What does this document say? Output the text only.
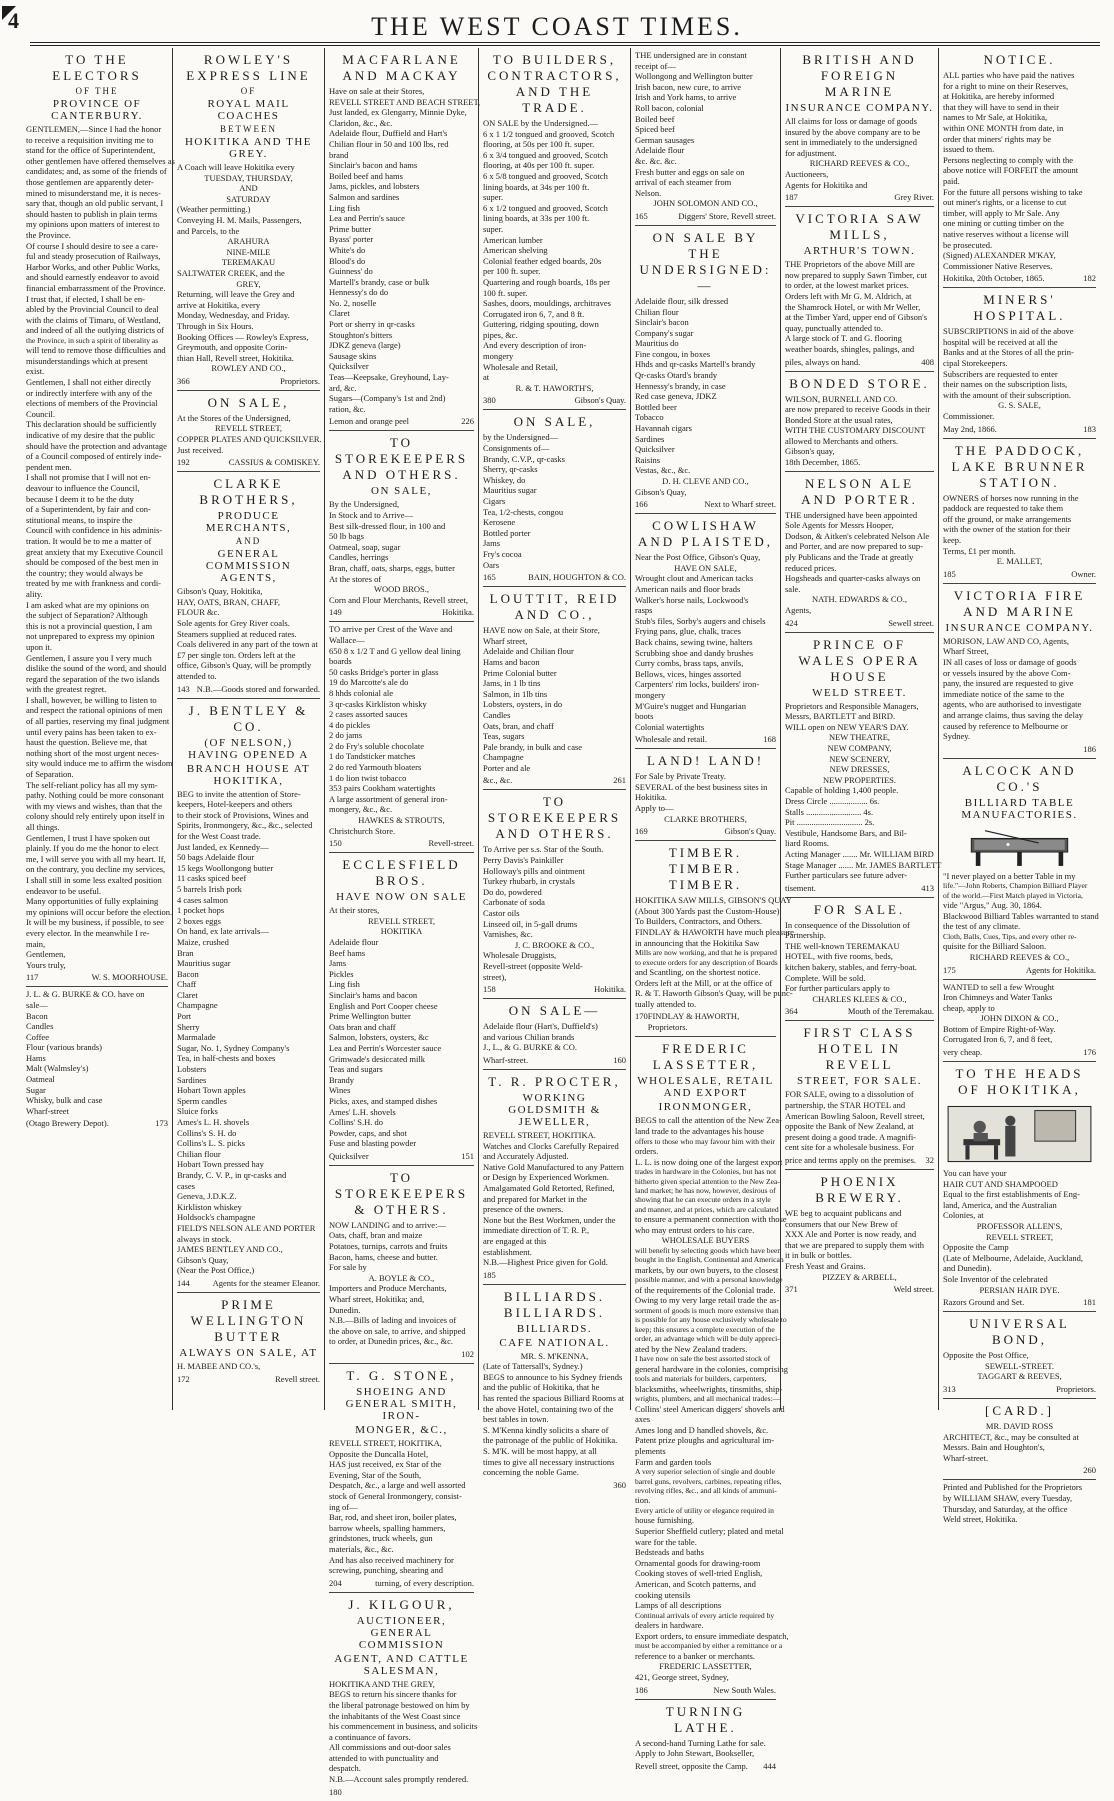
4	THE WEST COAST TIMES.
TO THE ELECTORS
OF THE
PROVINCE OF CANTERBURY.
GENTLEMEN,—Since I had the honor
to receive a requisition inviting me to
stand for the office of Superintendent,
other gentlemen have offered themselves as
candidates; and, as some of the friends of
those gentlemen are apparently deter-
mined to misunderstand me, it is neces-
sary that, though an old public servant, I
should hasten to publish in plain terms
my opinions upon matters of interest to
the Province.
Of course I should desire to see a care-
ful and steady prosecution of Railways,
Harbor Works, and other Public Works,
and should earnestly endeavor to avoid
financial embarrassment of the Province.
I trust that, if elected, I shall be en-
abled by the Provincial Council to deal
with the claims of Timaru, of Westland,
and indeed of all the outlying districts of
the Province, in such a spirit of liberality as
will tend to remove those difficulties and
misunderstandings which at present
exist.
Gentlemen, I shall not either directly
or indirectly interfere with any of the
elections of members of the Provincial
Council.
This declaration should be sufficiently
indicative of my desire that the public
should have the protection and advantage
of a Council composed of entirely inde-
pendent men.
I shall not promise that I will not en-
deavour to influence the Council,
because I deem it to be the duty
of a Superintendent, by fair and con-
stitutional means, to inspire the
Council with confidence in his adminis-
tration. It would be to me a matter of
great anxiety that my Executive Council
should be composed of the best men in
the country; they would always be
treated by me with frankness and cordi-
ality.
I am asked what are my opinions on
the subject of Separation? Although
this is not a provincial question, I am
not unprepared to express my opinion
upon it.
Gentlemen, I assure you I very much
dislike the sound of the word, and should
regard the separation of the two islands
with the greatest regret.
I shall, however, be willing to listen to
and respect the rational opinions of men
of all parties, reserving my final judgment
until every pains has been taken to ex-
haust the question. Believe me, that
nothing short of the most urgent neces-
sity would induce me to affirm the wisdom
of Separation.
The self-reliant policy has all my sym-
pathy. Nothing could be more consonant
with my views and wishes, than that the
colony should rely entirely upon itself in
all things.
Gentlemen, I trust I have spoken out
plainly. If you do me the honor to elect
me, I will serve you with all my heart. If,
on the contrary, you decline my services,
I shall still in some less exalted position
endeavor to be useful.
Many opportunities of fully explaining
my opinions will occur before the election.
It will be my business, if possible, to see
every elector. In the meanwhile I re-
main,
Gentlemen,
Yours truly,
117	W. S. MOORHOUSE.
J. L. & G. BURKE & CO. have on
sale—
Bacon
Candles
Coffee
Flour (various brands)
Hams
Malt (Walmsley's)
Oatmeal
Sugar
Whisky, bulk and case
Wharf-street
(Otago Brewery Depot).	173
ROWLEY'S EXPRESS LINE
OF
ROYAL MAIL COACHES
BETWEEN
HOKITIKA AND THE GREY.
A Coach will leave Hokitika every
TUESDAY, THURSDAY,
AND
SATURDAY
(Weather permitting.)
Conveying H. M. Mails, Passengers,
and Parcels, to the
ARAHURA
NINE-MILE
TEREMAKAU
SALTWATER CREEK, and the
GREY,
Returning, will leave the Grey and
arrive at Hokitika, every
Monday, Wednesday, and Friday.
Through in Six Hours.
Booking Offices — Rowley's Express,
Greymouth, and opposite Corin-
thian Hall, Revell street, Hokitika.
ROWLEY AND CO.,
366	Proprietors.
ON SALE,
At the Stores of the Undersigned,
REVELL STREET,
COPPER PLATES AND QUICKSILVER.
Just received.
192	CASSIUS & COMISKEY.
CLARKE BROTHERS,
PRODUCE MERCHANTS,
AND
GENERAL COMMISSION AGENTS,
Gibson's Quay, Hokitika,
HAY, OATS, BRAN, CHAFF,
FLOUR &c.
Sole agents for Grey River coals.
Steamers supplied at reduced rates.
Coals delivered in any part of the town at
£7 per single ton. Orders left at the
office, Gibson's Quay, will be promptly
attended to.
143 N.B.—Goods stored and forwarded.
J. BENTLEY & CO.
(OF NELSON,) HAVING OPENED A
BRANCH HOUSE AT HOKITIKA,
BEG to invite the attention of Store-
keepers, Hotel-keepers and others
to their stock of Provisions, Wines and
Spirits, Ironmongery, &c., &c., selected
for the West Coast trade.
Just landed, ex Kennedy—
50 bags Adelaide flour
15 kegs Woollongong butter
11 casks spiced beef
5 barrels Irish pork
4 cases salmon
1 pocket hops
2 boxes eggs
On hand, ex late arrivals—
Maize, crushed
Bran
Mauritius sugar
Bacon
Chaff
Claret
Champagne
Port
Sherry
Marmalade
Sugar, No. 1, Sydney Company's
Tea, in half-chests and boxes
Lobsters
Sardines
Hobart Town apples
Sperm candles
Sluice forks
Ames's L. H. shovels
Collins's S. H. do
Collins's L. S. picks
Chilian flour
Hobart Town pressed hay
Brandy, C. V. P., in qr-casks and
cases
Geneva, J.D.K.Z.
Kirkliston whiskey
Holdsock's champagne
FIELD'S NELSON ALE AND PORTER
always in stock.
JAMES BENTLEY AND CO.,
Gibson's Quay,
(Near the Post Office,)
144	Agents for the steamer Eleanor.
PRIME WELLINGTON BUTTER
ALWAYS ON SALE, AT
H. MABEE AND CO.'s,
172	Revell street.
MACFARLANE AND MACKAY
Have on sale at their Stores,
REVELL STREET AND BEACH STREET,
Just landed, ex Glengarry, Minnie Dyke,
Claridon, &c., &c.
Adelaide flour, Duffield and Hart's
Chilian flour in 50 and 100 lbs, red
brand
Sinclair's bacon and hams
Boiled beef and hams
Jams, pickles, and lobsters
Salmon and sardines
Ling fish
Lea and Perrin's sauce
Prime butter
Byass' porter
White's do
Blood's do
Guinness' do
Martell's brandy, case or bulk
Hennessy's do do
No. 2, noselle
Claret
Port or sherry in qr-casks
Stoughton's bitters
JDKZ geneva (large)
Sausage skins
Quicksilver
Teas—Keepsake, Greyhound, Lay-
ard, &c.
Sugars—(Company's 1st and 2nd)
ration, &c.
Lemon and orange peel	226
TO STOREKEEPERS AND OTHERS.
ON SALE,
By the Undersigned,
In Stock and to Arrive—
Best silk-dressed flour, in 100 and
50 lb bags
Oatmeal, soap, sugar
Candles, herrings
Bran, chaff, oats, sharps, eggs, butter
At the stores of
WOOD BROS.,
Corn and Flour Merchants, Revell street,
149	Hokitika.
TO arrive per Crest of the Wave and
Wallace—
650 8 x 1/2 T and G yellow deal lining
boards
50 casks Bridge's porter in glass
19 do Marcotte's ale do
8 hhds colonial ale
3 qr-casks Kirkliston whisky
2 cases assorted sauces
4 do pickles
2 do jams
2 do Fry's soluble chocolate
1 do Tandsticker matches
2 do red Yarmouth bloaters
1 do lion twist tobacco
353 pairs Cookham watertights
A large assortment of general iron-
mongery, &c., &c.
HAWKES & STROUTS,
Christchurch Store.
150	Revell-street.
ECCLESFIELD BROS.
HAVE NOW ON SALE
At their stores,
REVELL STREET,
HOKITIKA
Adelaide flour
Beef hams
Jams
Pickles
Ling fish
Sinclair's hams and bacon
English and Port Cooper cheese
Prime Wellington butter
Oats bran and chaff
Salmon, lobsters, oysters, &c
Lea and Perrin's Worcester sauce
Grimwade's desiccated milk
Teas and sugars
Brandy
Wines
Picks, axes, and stamped dishes
Ames' L.H. shovels
Collins' S.H. do
Powder, caps, and shot
Fuse and blasting powder
Quicksilver	151
TO STOREKEEPERS & OTHERS.
NOW LANDING and to arrive:—
Oats, chaff, bran and maize
Potatoes, turnips, carrots and fruits
Bacon, hams, cheese and butter.
For sale by
A. BOYLE & CO.,
Importers and Produce Merchants,
Wharf street, Hokitika; and,
Dunedin.
N.B.—Bills of lading and invoices of
the above on sale, to arrive, and shipped
to order, at Dunedin prices, &c., &c.
102
T. G. STONE,
SHOEING AND GENERAL SMITH, IRON-
MONGER, &C.,
REVELL STREET, HOKITIKA,
Opposite the Duncalla Hotel,
HAS just received, ex Star of the
Evening, Star of the South,
Despatch, &c., a large and well assorted
stock of General Ironmongery, consist-
ing of—
Bar, rod, and sheet iron, boiler plates,
barrow wheels, spalling hammers,
grindstones, truck wheels, gun
materials, &c., &c.
And has also received machinery for
screwing, punching, shearing and
204	turning, of every description.
J. KILGOUR,
AUCTIONEER, GENERAL COMMISSION
AGENT, AND CATTLE SALESMAN,
HOKITIKA AND THE GREY,
BEGS to return his sincere thanks for
the liberal patronage bestowed on him by
the inhabitants of the West Coast since
his commencement in business, and solicits
a continuance of favors.
All commissions and out-door sales
attended to with punctuality and
despatch.
N.B.—Account sales promptly rendered.
180
TO BUILDERS, CONTRACTORS, AND THE TRADE.
ON SALE by the Undersigned.—
6 x 1 1/2 tongued and grooved, Scotch
flooring, at 50s per 100 ft. super.
6 x 3/4 tongued and grooved, Scotch
flooring, at 40s per 100 ft. super.
6 x 5/8 tongued and grooved, Scotch
lining boards, at 34s per 100 ft.
super.
6 x 1/2 tongued and grooved, Scotch
lining boards, at 33s per 100 ft.
super.
American lumber
American shelving
Colonial feather edged boards, 20s
per 100 ft. super.
Quartering and rough boards, 18s per
100 ft. super.
Sashes, doors, mouldings, architraves
Corrugated iron 6, 7, and 8 ft.
Guttering, ridging spouting, down
pipes, &c.
And every description of iron-
mongery
Wholesale and Retail,
at
R. & T. HAWORTH'S,
380	Gibson's Quay.
ON SALE,
by the Undersigned—
Consignments of—
Brandy, C.V.P., qr-casks
Sherry, qr-casks
Whiskey, do
Mauritius sugar
Cigars
Tea, 1/2-chests, congou
Kerosene
Bottled porter
Jams
Fry's cocoa
Oars
165	BAIN, HOUGHTON & CO.
LOUTTIT, REID AND CO.,
HAVE now on Sale, at their Store,
Wharf street,
Adelaide and Chilian flour
Hams and bacon
Prime Colonial butter
Jams, in 1 lb tins
Salmon, in 1lb tins
Lobsters, oysters, in do
Candles
Oats, bran, and chaff
Teas, sugars
Pale brandy, in bulk and case
Champagne
Porter and ale
&c., &c.	261
TO STOREKEEPERS AND OTHERS.
To Arrive per s.s. Star of the South.
Perry Davis's Painkiller
Holloway's pills and ointment
Turkey rhubarb, in crystals
Do do, powdered
Carbonate of soda
Castor oils
Linseed oil, in 5-gall drums
Varnishes, &c.
J. C. BROOKE & CO.,
Wholesale Druggists,
Revell-street (opposite Weld-
street),
158	Hokitika.
ON SALE—
Adelaide flour (Hart's, Duffield's)
and various Chilian brands
J., L., & G. BURKE & CO.
Wharf-street.	160
T. R. PROCTER,
WORKING GOLDSMITH & JEWELLER,
REVELL STREET, HOKITIKA.
Watches and Clocks Carefully Repaired
and Accurately Adjusted.
Native Gold Manufactured to any Pattern
or Design by Experienced Workmen.
Amalgamated Gold Retorted, Refined,
and prepared for Market in the
presence of the owners.
None but the Best Workmen, under the
immediate direction of T. R. P.,
are engaged at this
establishment.
N.B.—Highest Price given for Gold.
185
BILLIARDS. BILLIARDS.
BILLIARDS.
CAFE NATIONAL.
MR. S. M'KENNA,
(Late of Tattersall's, Sydney.)
BEGS to announce to his Sydney friends
and the public of Hokitika, that he
has rented the spacious Billiard Rooms at
the above Hotel, containing two of the
best tables in town.
S. M'Kenna kindly solicits a share of
the patronage of the public of Hokitika.
S. M'K. will be most happy, at all
times to give all necessary instructions
concerning the noble Game.
360
THE undersigned are in constant
receipt of—
Wollongong and Wellington butter
Irish bacon, new cure, to arrive
Irish and York hams, to arrive
Roll bacon, colonial
Boiled beef
Spiced beef
German sausages
Adelaide flour
&c. &c. &c.
Fresh butter and eggs on sale on
arrival of each steamer from
Nelson.
JOHN SOLOMON AND CO.,
165	Diggers' Store, Revell street.
ON SALE BY THE UNDERSIGNED:—
Adelaide flour, silk dressed
Chilian flour
Sinclair's bacon
Company's sugar
Mauritius do
Fine congou, in boxes
Hhds and qr-casks Martell's brandy
Qr-casks Otard's brandy
Hennessy's brandy, in case
Red case geneva, JDKZ
Bottled beer
Tobacco
Havannah cigars
Sardines
Quicksilver
Raisins
Vestas, &c., &c.
D. H. CLEVE AND CO.,
Gibson's Quay,
166	Next to Wharf street.
COWLISHAW AND PLAISTED,
Near the Post Office, Gibson's Quay,
HAVE ON SALE,
Wrought clout and American tacks
American nails and floor brads
Walker's horse nails, Lockwood's
rasps
Stub's files, Sorby's augers and chisels
Frying pans, glue, chalk, traces
Back chains, sewing twine, halters
Scrubbing shoe and dandy brushes
Curry combs, brass taps, anvils,
Bellows, vices, hinges assorted
Carpenters' rim locks, builders' iron-
mongery
M'Guire's nugget and Hungarian
boots
Colonial watertights
Wholesale and retail.	168
LAND! LAND!
For Sale by Private Treaty.
SEVERAL of the best business sites in
Hokitika.
Apply to—
CLARKE BROTHERS,
169	Gibson's Quay.
TIMBER. TIMBER. TIMBER.
HOKITIKA SAW MILLS, GIBSON'S QUAY
(About 300 Yards past the Custom-House).
To Builders, Contractors, and Others.
FINDLAY & HAWORTH have much pleasure
in announcing that the Hokitika Saw
Mills are now working, and that he is prepared
to execute orders for any description of Boards
and Scantling, on the shortest notice.
Orders left at the Mill, or at the office of
R. & T. Haworth Gibson's Quay, will be punc-
tually attended to.
170 FINDLAY & HAWORTH, Proprietors.
FREDERIC LASSETTER,
WHOLESALE, RETAIL AND EXPORT
IRONMONGER,
BEGS to call the attention of the New Zea-
land trade to the advantages his house
offers to those who may favour him with their
orders.
L. L. is now doing one of the largest export
trades in hardware in the Colonies, but has not
hitherto given special attention to the New Zea-
land market; he has now, however, desirous of
showing that he can execute orders in a style
and manner, and at prices, which are calculated
to ensure a permanent connection with those
who may entrust orders to his care.
WHOLESALE BUYERS
will benefit by selecting goods which have been
bought in the English, Continental and American
markets, by our own buyers, to the closest
possible manner, and with a personal knowledge
of the requirements of the Colonial trade.
Owing to my very large retail trade the as-
sortment of goods is much more extensive than
is possible for any house exclusively wholesale to
keep; this ensures a complete execution of the
order, an advantage which will be duly appreci-
ated by the New Zealand traders.
I have now on sale the best assorted stock of
general hardware in the colonies, comprising
tools and materials for builders, carpenters,
blacksmiths, wheelwrights, tinsmiths, ship-
wrights, plumbers, and all mechanical trades:—
Collins' steel American diggers' shovels and
axes
Ames long and D handled shovels, &c.
Patent prize ploughs and agricultural im-
plements
Farm and garden tools
A very superior selection of single and double
barrel guns, revolvers, carbines, repeating rifles,
revolving rifles, &c., and all kinds of ammuni-
tion.
Every article of utility or elegance required in
house furnishing.
Superior Sheffield cutlery; plated and metal
ware for the table.
Bedsteads and baths
Ornamental goods for drawing-room
Cooking stoves of well-tried English,
American, and Scotch patterns, and
cooking utensils
Lamps of all descriptions
Continual arrivals of every article required by
dealers in hardware.
Export orders, to ensure immediate despatch,
must be accompanied by either a remittance or a
reference to a banker or merchants.
FREDERIC LASSETTER,
421, George street, Sydney,
186	New South Wales.
TURNING LATHE.
A second-hand Turning Lathe for sale.
Apply to John Stewart, Bookseller,
Revell street, opposite the Camp. 444
BRITISH AND FOREIGN MARINE
INSURANCE COMPANY.
All claims for loss or damage of goods
insured by the above company are to be
sent in immediately to the undersigned
for adjustment.
RICHARD REEVES & CO.,
Auctioneers,
Agents for Hokitika and
187	Grey River.
VICTORIA SAW MILLS,
ARTHUR'S TOWN.
THE Proprietors of the above Mill are
now prepared to supply Sawn Timber, cut
to order, at the lowest market prices.
Orders left with Mr G. M. Aldrich, at
the Shamrock Hotel, or with Mr Weller,
at the Timber Yard, upper end of Gibson's
quay, punctually attended to.
A large stock of T. and G. flooring
weather boards, shingles, palings, and
piles, always on hand.	408
BONDED STORE.
WILSON, BURNELL AND CO.
are now prepared to receive Goods in their
Bonded Store at the usual rates,
WITH THE CUSTOMARY DISCOUNT
allowed to Merchants and others.
Gibson's quay,
18th December, 1865.
NELSON ALE AND PORTER.
THE undersigned have been appointed
Sole Agents for Messrs Hooper,
Dodson, & Aitken's celebrated Nelson Ale
and Porter, and are now prepared to sup-
ply Publicans and the Trade at greatly
reduced prices.
Hogsheads and quarter-casks always on
sale.
NATH. EDWARDS & CO.,
Agents,
424	Sewell street.
PRINCE OF WALES OPERA HOUSE
WELD STREET.
Proprietors and Responsible Managers,
Messrs, BARTLETT and BIRD.
WILL open on NEW YEAR'S DAY.
NEW THEATRE,
NEW COMPANY,
NEW SCENERY,
NEW DRESSES,
NEW PROPERTIES.
Capable of holding 1,400 people.
Dress Circle .................. 6s.
Stalls .......................... 4s.
Pit ............................... 2s.
Vestibule, Handsome Bars, and Bil-
liard Rooms.
Acting Manager ....... Mr. WILLIAM BIRD
Stage Manager ....... Mr. JAMES BARTLETT
Further particulars see future adver-
tisement.	413
FOR SALE.
In consequence of the Dissolution of
Partnership.
THE well-known TEREMAKAU
HOTEL, with five rooms, beds,
kitchen bakery, stables, and ferry-boat.
Complete. Will be sold.
For further particulars apply to
CHARLES KLEES & CO.,
364	Mouth of the Teremakau.
FIRST CLASS HOTEL IN REVELL
STREET, FOR SALE.
FOR SALE, owing to a dissolution of
partnership, the STAR HOTEL and
American Bowling Saloon, Revell street,
opposite the Bank of New Zealand, at
present doing a good trade. A magnifi-
cent site for a wholesale business. For
price and terms apply on the premises. 32
PHOENIX BREWERY.
WE beg to acquaint publicans and
consumers that our New Brew of
XXX Ale and Porter is now ready, and
that we are prepared to supply them with
it in bulk or bottles.
Fresh Yeast and Grains.
PIZZEY & ARBELL,
371	Weld street.
NOTICE.
ALL parties who have paid the natives
for a right to mine on their Reserves,
at Hokitika, are hereby informed
that they will have to send in their
names to Mr Sale, at Hokitika,
within ONE MONTH from date, in
order that miners' rights may be
issued to them.
Persons neglecting to comply with the
above notice will FORFEIT the amount
paid.
For the future all persons wishing to take
out miner's rights, or a license to cut
timber, will apply to Mr Sale. Any
one mining or cutting timber on the
native reserves without a license will
be prosecuted.
(Signed) ALEXANDER M'KAY,
Commissioner Native Reserves.
Hokitika, 20th October, 1865.	182
MINERS' HOSPITAL.
SUBSCRIPTIONS in aid of the above
hospital will be received at all the
Banks and at the Stores of all the prin-
cipal Storekeepers.
Subscribers are requested to enter
their names on the subscription lists,
with the amount of their subscription.
G. S. SALE,
Commissioner.
May 2nd, 1866.	183
THE PADDOCK, LAKE BRUNNER STATION.
OWNERS of horses now running in the
paddock are requested to take them
off the ground, or make arrangements
with the owner of the station for their
keep.
Terms, £1 per month.
E. MALLET,
185	Owner.
VICTORIA FIRE AND MARINE
INSURANCE COMPANY.
MORISON, LAW AND CO, Agents,
Wharf Street,
IN all cases of loss or damage of goods
or vessels insured by the above Com-
pany, the insured are requested to give
immediate notice of the same to the
agents, who are authorised to investigate
and arrange claims, thus saving the delay
caused by reference to Melbourne or
Sydney.
186
ALCOCK AND CO.'S
BILLIARD TABLE MANUFACTORIES.
"I never played on a better Table in my
life."—John Roberts, Champion Billiard Player
of the world.—First Match played in Victoria,
vide "Argus," Aug. 30, 1864.
Blackwood Billiard Tables warranted to stand
the test of any climate.
Cloth, Balls, Cues, Tips, and every other re-
quisite for the Billiard Saloon.
RICHARD REEVES & CO.,
175	Agents for Hokitika.
WANTED to sell a few Wrought
Iron Chimneys and Water Tanks
cheap, apply to
JOHN DIXON & CO.,
Bottom of Empire Right-of-Way.
Corrugated Iron 6, 7, and 8 feet,
very cheap.	176
TO THE HEADS OF HOKITIKA,
You can have your
HAIR CUT AND SHAMPOOED
Equal to the first establishments of Eng-
land, America, and the Australian
Colonies, at
PROFESSOR ALLEN'S,
REVELL STREET,
Opposite the Camp
(Late of Melbourne, Adelaide, Auckland,
and Dunedin).
Sole Inventor of the celebrated
PERSIAN HAIR DYE.
Razors Ground and Set.	181
UNIVERSAL BOND,
Opposite the Post Office,
SEWELL-STREET.
TAGGART & REEVES,
313	Proprietors.
[CARD.]
MR. DAVID ROSS
ARCHITECT, &c., may be consulted at
Messrs. Bain and Houghton's,
Wharf-street.
260
Printed and Published for the Proprietors
by WILLIAM SHAW, every Tuesday,
Thursday, and Saturday, at the office
Weld street, Hokitika.
